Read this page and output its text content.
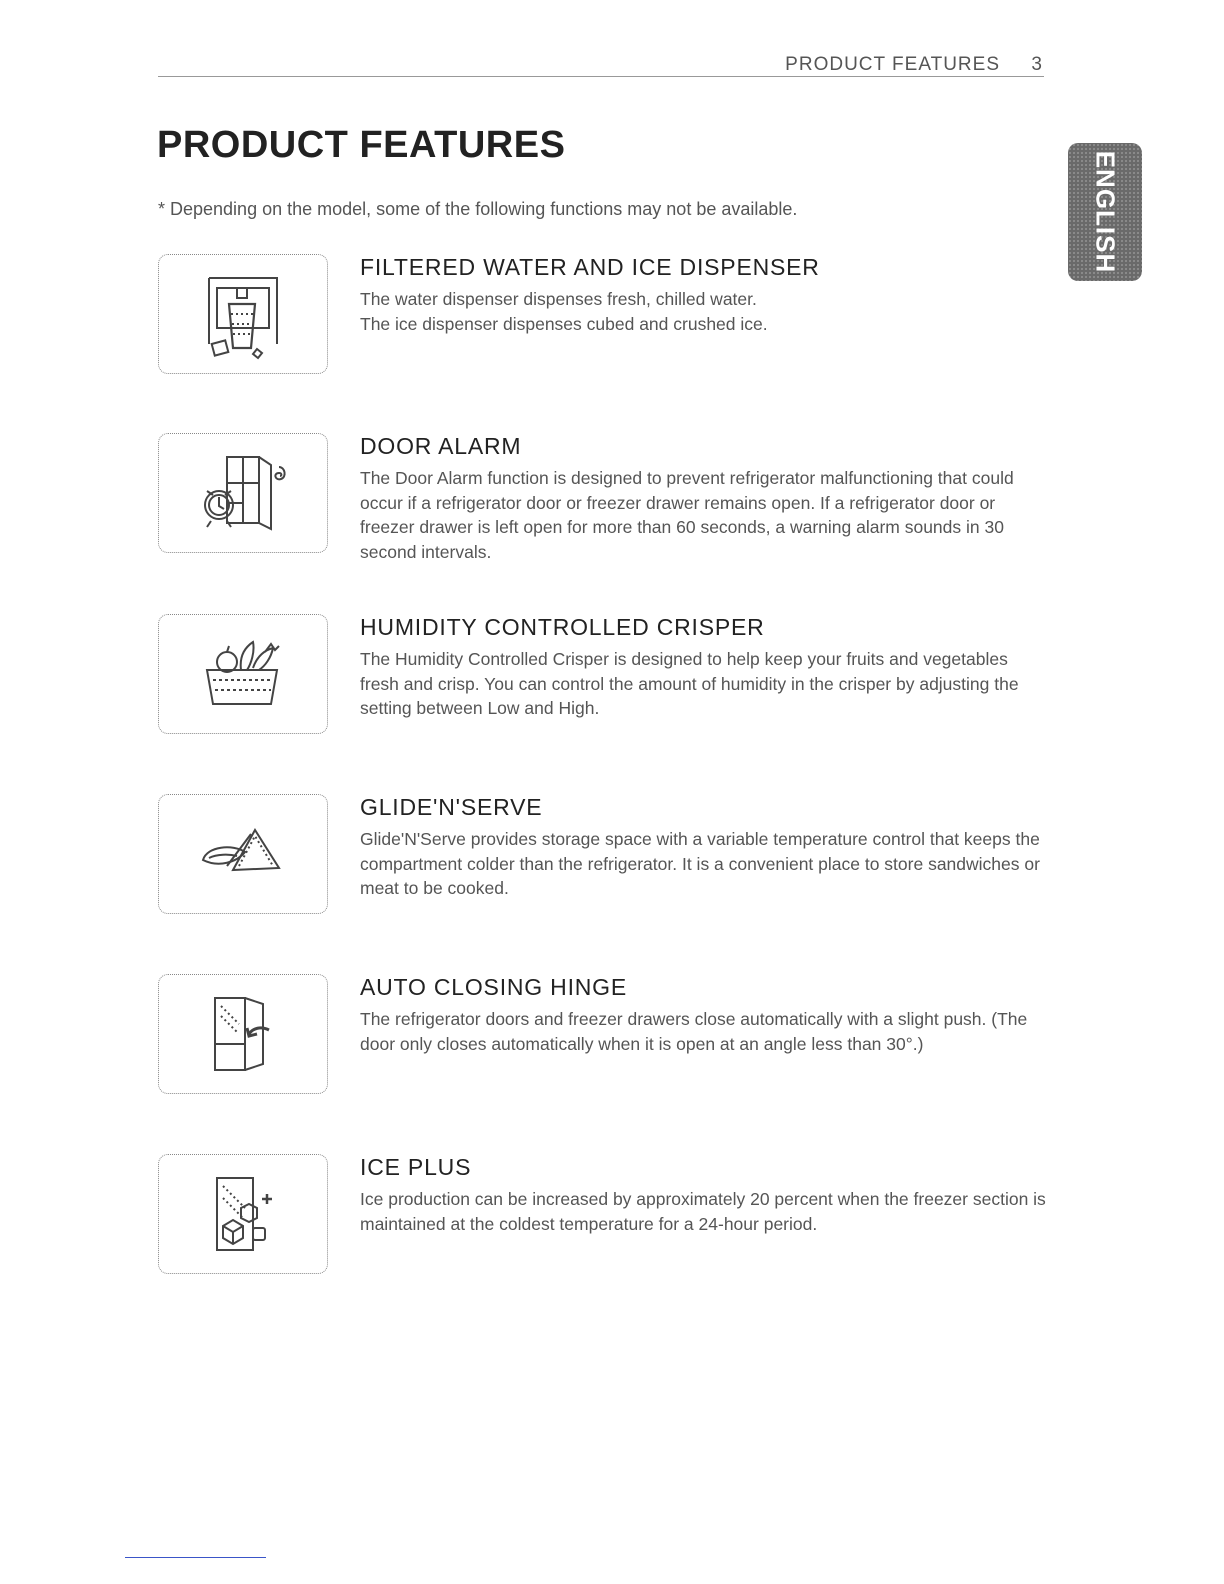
PRODUCT FEATURES 3
PRODUCT FEATURES
* Depending on the model, some of the following functions may not be available.	ENGLISH
FILTERED WATER AND ICE DISPENSER

The water dispenser dispenses fresh, chilled water.
The ice dispenser dispenses cubed and crushed ice.

DOOR ALARM

The Door Alarm function is designed to prevent refrigerator malfunctioning that could occur if a refrigerator door or freezer drawer remains open. If a refrigerator door or freezer drawer is left open for more than 60 seconds, a warning alarm sounds in 30 second intervals.

HUMIDITY CONTROLLED CRISPER

The Humidity Controlled Crisper is designed to help keep your fruits and vegetables fresh and crisp. You can control the amount of humidity in the crisper by adjusting the setting between Low and High.

GLIDE'N'SERVE

Glide'N'Serve provides storage space with a variable temperature control that keeps the compartment colder than the refrigerator. It is a convenient place to store sandwiches or meat to be cooked.

AUTO CLOSING HINGE

The refrigerator doors and freezer drawers close automatically with a slight push. (The door only closes automatically when it is open at an angle less than 30°.)

ICE PLUS

Ice production can be increased by approximately 20 percent when the freezer section is maintained at the coldest temperature for a 24-hour period.
